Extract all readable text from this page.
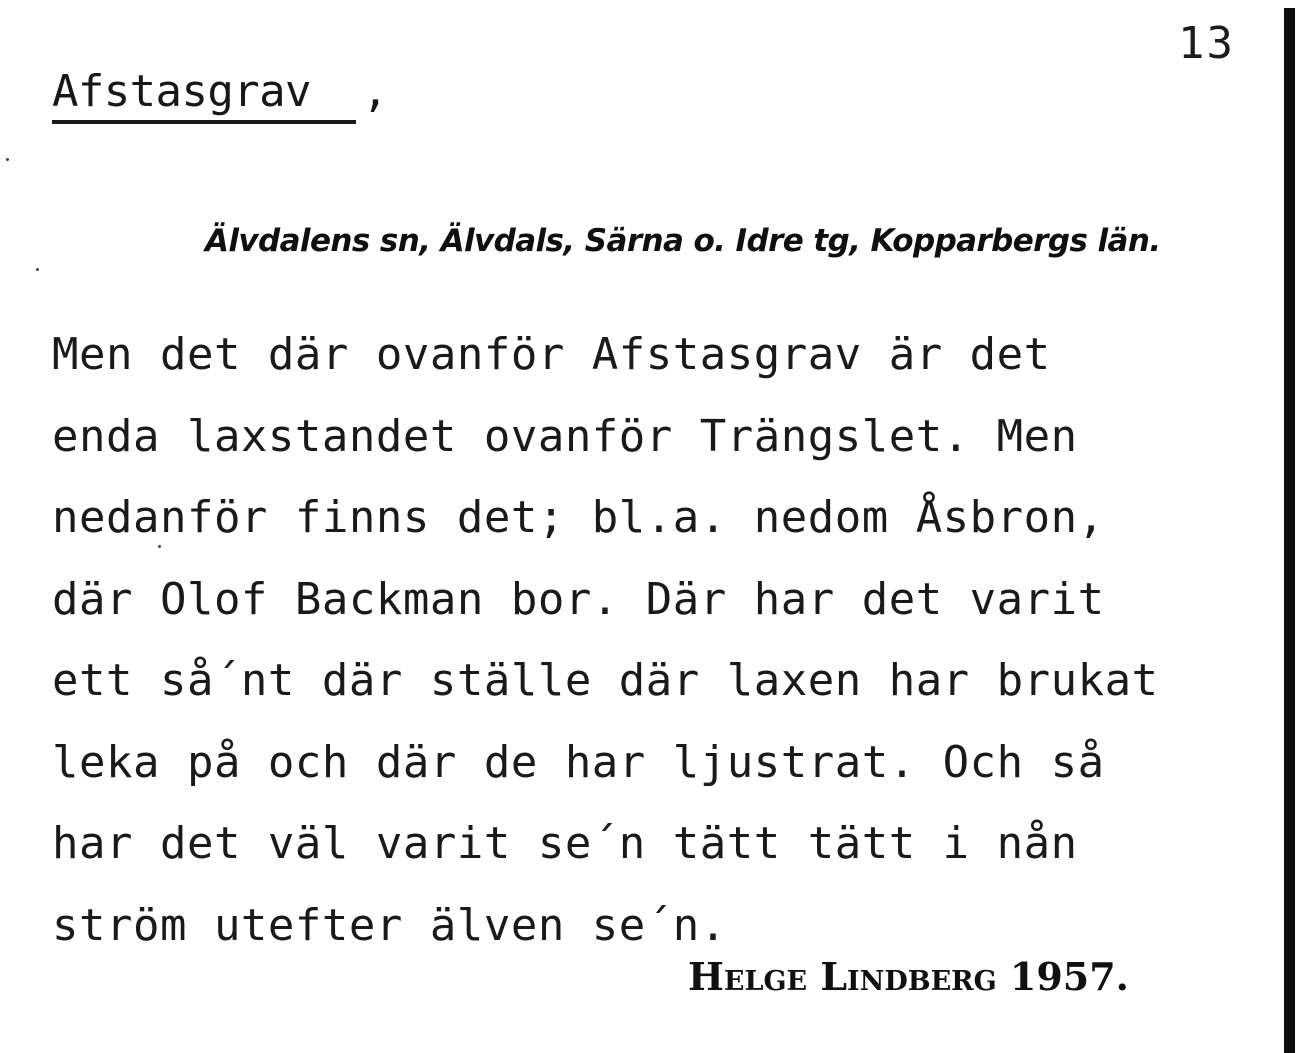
13
Afstasgrav ,
Älvdalens sn, Älvdals, Särna o. Idre tg, Kopparbergs län.
Men det där ovanför Afstasgrav är det
enda laxstandet ovanför Trängslet. Men
nedanför finns det; bl.a. nedom Åsbron,
där Olof Backman bor. Där har det varit
ett så´nt där ställe där laxen har brukat
leka på och där de har ljustrat. Och så
har det väl varit se´n tätt tätt i nån
ström utefter älven se´n.
Helge Lindberg 1957.
